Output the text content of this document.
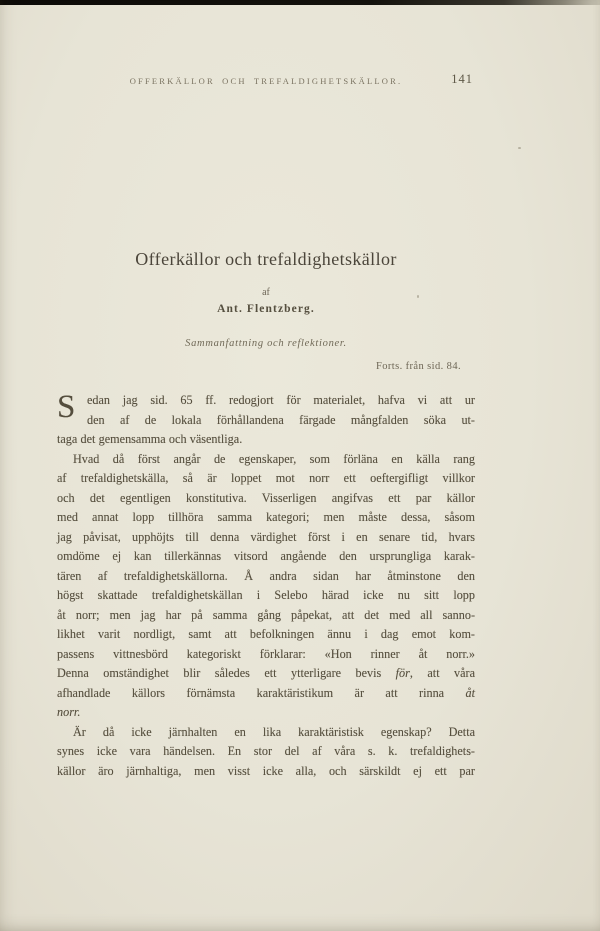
OFFERKÄLLOR OCH TREFALDIGHETSKÄLLOR.	141
Offerkällor och trefaldighetskällor
af
Ant. Flentzberg.
Sammanfattning och reflektioner.
Forts. från sid. 84.
S edan jag sid. 65 ff. redogjort för materialet, hafva vi att ur
den af de lokala förhållandena färgade mångfalden söka ut-
taga det gemensamma och väsentliga.
Hvad då först angår de egenskaper, som förläna en källa rang
af trefaldighetskälla, så är loppet mot norr ett oeftergifligt villkor
och det egentligen konstitutiva. Visserligen angifvas ett par källor
med annat lopp tillhöra samma kategori; men måste dessa, såsom
jag påvisat, upphöjts till denna värdighet först i en senare tid, hvars
omdöme ej kan tillerkännas vitsord angående den ursprungliga karak-
tären af trefaldighetskällorna. Å andra sidan har åtminstone den
högst skattade trefaldighetskällan i Selebo härad icke nu sitt lopp
åt norr; men jag har på samma gång påpekat, att det med all sanno-
likhet varit nordligt, samt att befolkningen ännu i dag emot kom-
passens vittnesbörd kategoriskt förklarar: «Hon rinner åt norr.»
Denna omständighet blir således ett ytterligare bevis för, att våra
afhandlade källors förnämsta karaktäristikum är att rinna åt
norr.
Är då icke järnhalten en lika karaktäristisk egenskap? Detta
synes icke vara händelsen. En stor del af våra s. k. trefaldighets-
källor äro järnhaltiga, men visst icke alla, och särskildt ej ett par
